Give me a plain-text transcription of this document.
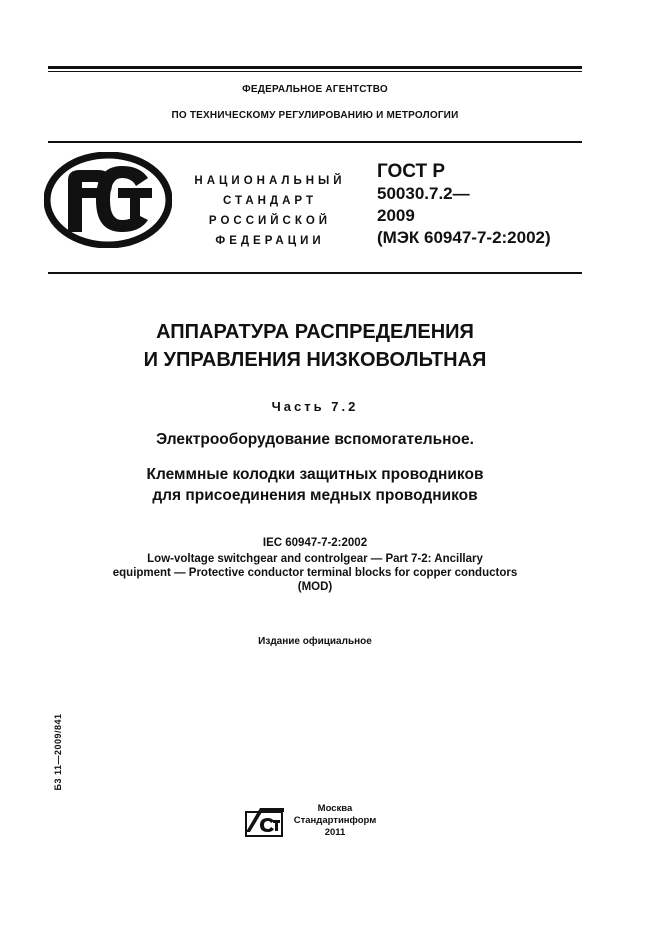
ФЕДЕРАЛЬНОЕ АГЕНТСТВО
ПО ТЕХНИЧЕСКОМУ РЕГУЛИРОВАНИЮ И МЕТРОЛОГИИ
НАЦИОНАЛЬНЫЙ
СТАНДАРТ
РОССИЙСКОЙ
ФЕДЕРАЦИИ
ГОСТ Р
50030.7.2—
2009
(МЭК 60947-7-2:2002)
АППАРАТУРА РАСПРЕДЕЛЕНИЯ
И УПРАВЛЕНИЯ НИЗКОВОЛЬТНАЯ
Часть 7.2
Электрооборудование вспомогательное.
Клеммные колодки защитных проводников
для присоединения медных проводников
IEC 60947-7-2:2002
Low-voltage switchgear and controlgear — Part 7-2: Ancillary
equipment — Protective conductor terminal blocks for copper conductors
(MOD)
Издание официальное
Б3 11—2009/841
Москва
Стандартинформ
2011
